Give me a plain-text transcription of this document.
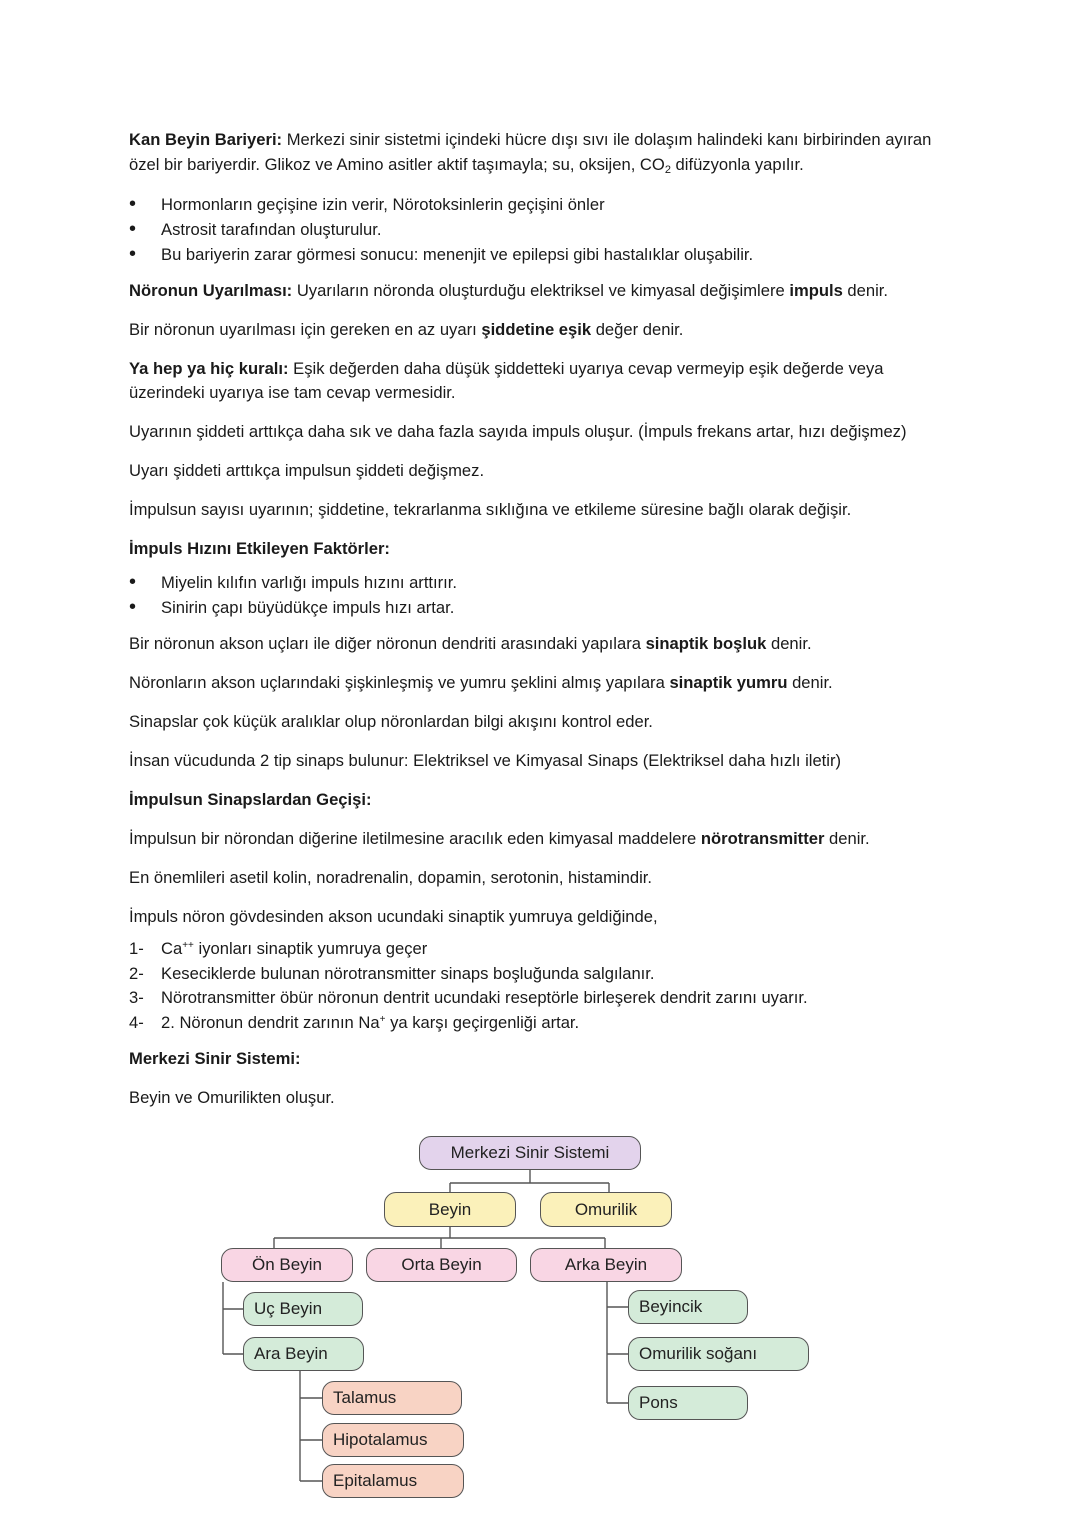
Kan Beyin Bariyeri: Merkezi sinir sistetmi içindeki hücre dışı sıvı ile dolaşım halindeki kanı birbirinden ayıran özel bir bariyerdir. Glikoz ve Amino asitler aktif taşımayla; su, oksijen, $CO_2$ difüzyonla yapılır.

• Hormonların geçişine izin verir, Nörotoksinlerin geçişini önler
• Astrosit tarafından oluşturulur.
• Bu bariyerin zarar görmesi sonucu: menenjit ve epilepsi gibi hastalıklar oluşabilir.

Nöronun Uyarılması: Uyarıların nöronda oluşturduğu elektriksel ve kimyasal değişimlere impuls denir.

Bir nöronun uyarılması için gereken en az uyarı şiddetine eşik değer denir.

Ya hep ya hiç kuralı: Eşik değerden daha düşük şiddetteki uyarıya cevap vermeyip eşik değerde veya üzerindeki uyarıya ise tam cevap vermesidir.

Uyarının şiddeti arttıkça daha sık ve daha fazla sayıda impuls oluşur. (İmpuls frekans artar, hızı değişmez)

Uyarı şiddeti arttıkça impulsun şiddeti değişmez.

İmpulsun sayısı uyarının; şiddetine, tekrarlanma sıklığına ve etkileme süresine bağlı olarak değişir.

İmpuls Hızını Etkileyen Faktörler:

• Miyelin kılıfın varlığı impuls hızını arttırır.
• Sinirin çapı büyüdükçe impuls hızı artar.

Bir nöronun akson uçları ile diğer nöronun dendriti arasındaki yapılara sinaptik boşluk denir.

Nöronların akson uçlarındaki şişkinleşmiş ve yumru şeklini almış yapılara sinaptik yumru denir.

Sinapslar çok küçük aralıklar olup nöronlardan bilgi akışını kontrol eder.

İnsan vücudunda 2 tip sinaps bulunur: Elektriksel ve Kimyasal Sinaps (Elektriksel daha hızlı iletir)

İmpulsun Sinapslardan Geçişi:

İmpulsun bir nörondan diğerine iletilmesine aracılık eden kimyasal maddelere nörotransmitter denir.

En önemlileri asetil kolin, noradrenalin, dopamin, serotonin, histamindir.

İmpuls nöron gövdesinden akson ucundaki sinaptik yumruya geldiğinde,

1- Ca++ iyonları sinaptik yumruya geçer
2- Keseciklerde bulunan nörotransmitter sinaps boşluğunda salgılanır.
3- Nörotransmitter öbür nöronun dentrit ucundaki reseptörle birleşerek dendrit zarını uyarır.
4- 2. Nöronun dendrit zarının Na+ ya karşı geçirgenliği artar.

Merkezi Sinir Sistemi:

Beyin ve Omurilikten oluşur.

Merkezi Sinir Sistemi
Beyin	Omurilik
Ön Beyin	Orta Beyin	Arka Beyin
Uç Beyin
Ara Beyin
Talamus
Hipotalamus
Epitalamus
Beyincik
Omurilik soğanı
Pons
